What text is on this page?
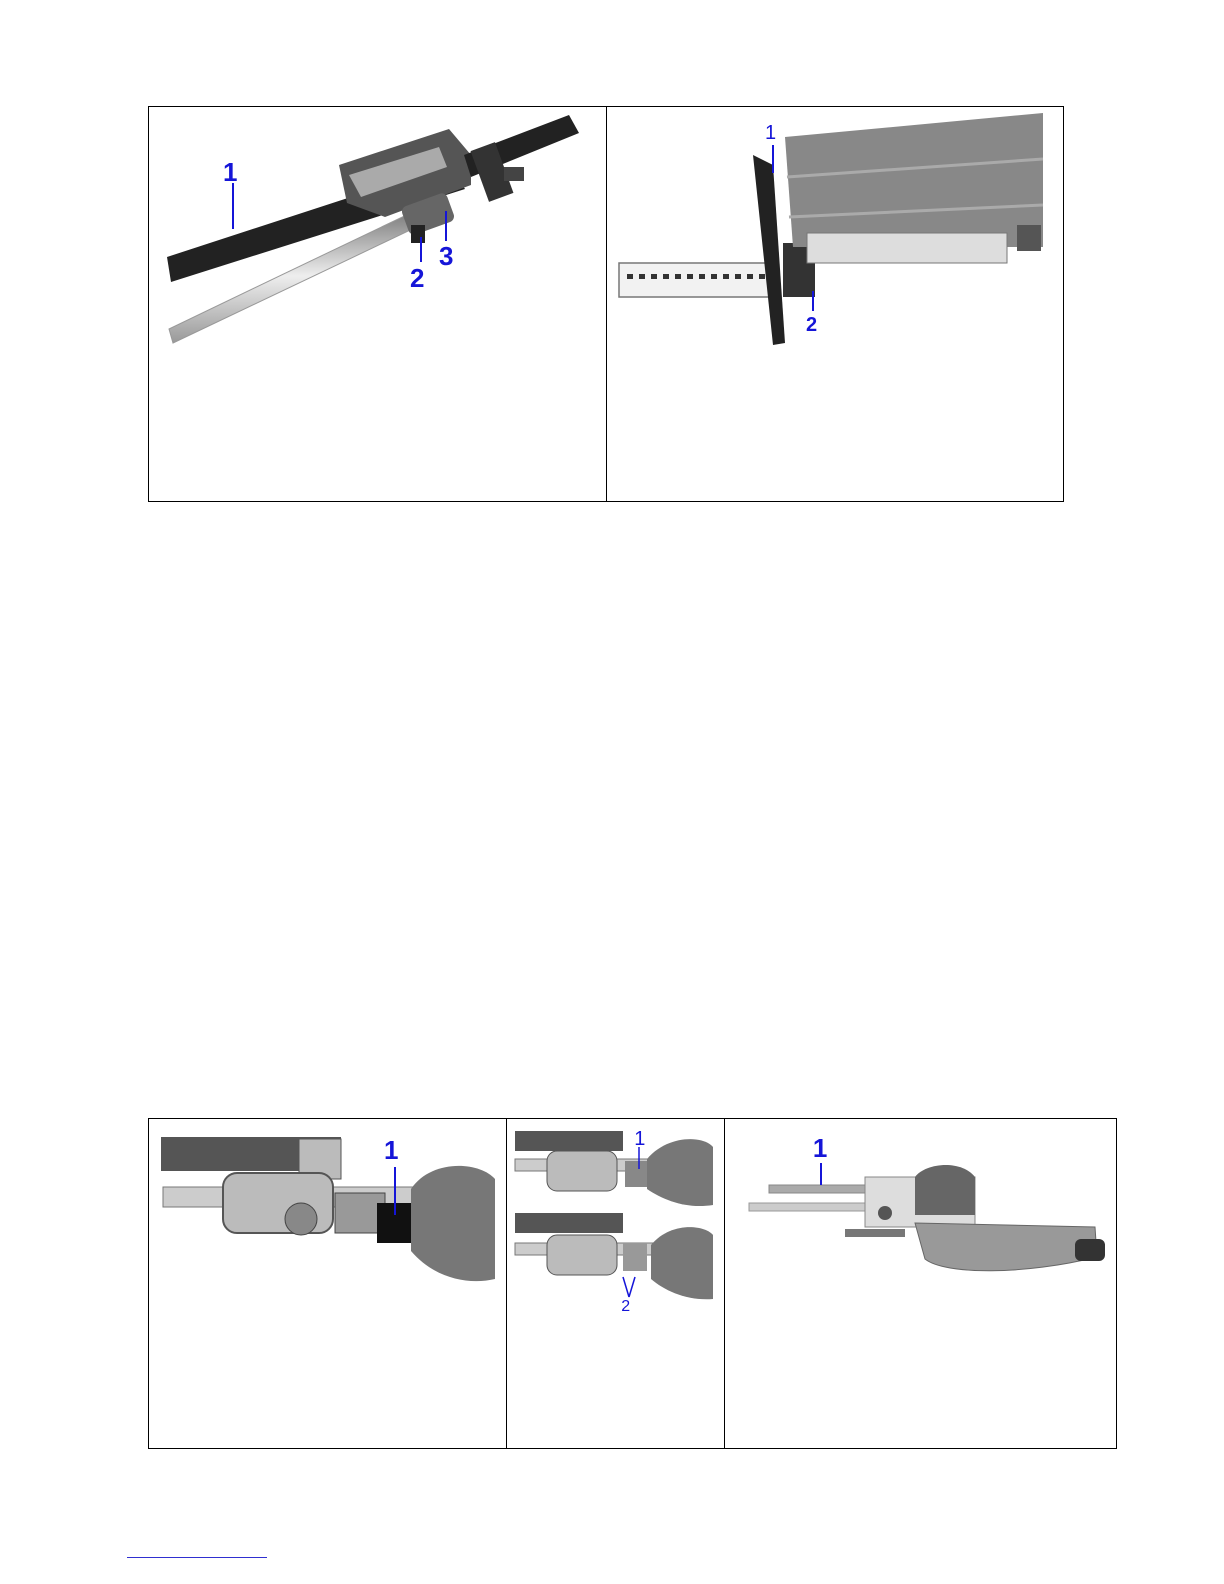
1
2
3
1
2
1	1
2
1
